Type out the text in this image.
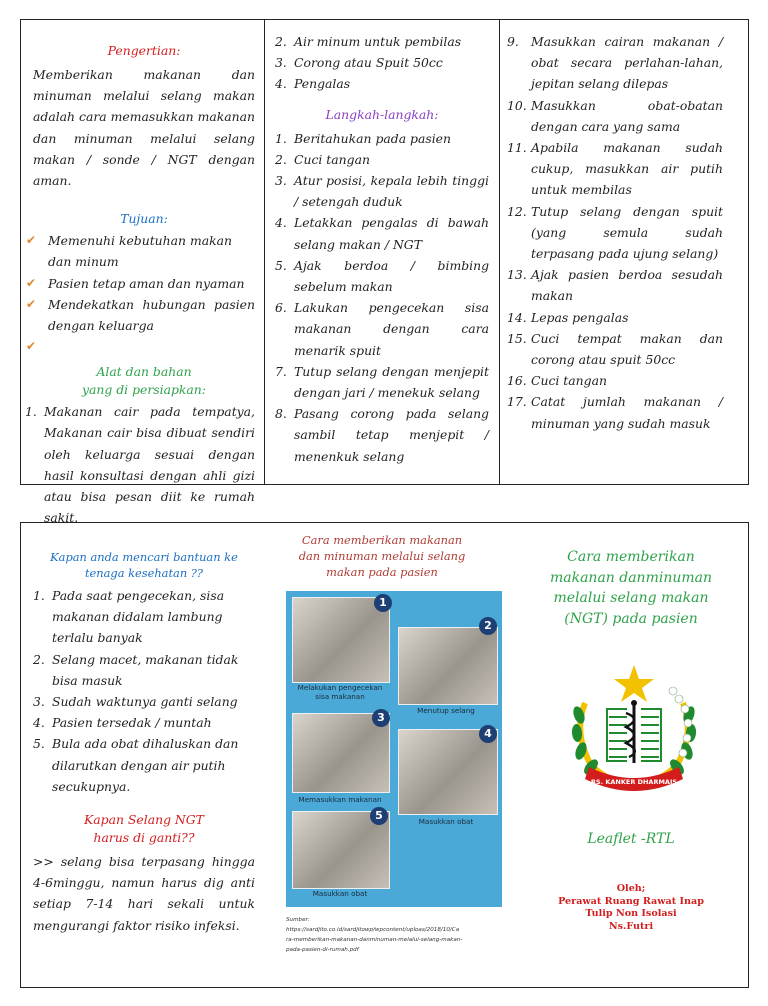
Pengertian:
Memberikan makanan dan minuman melalui selang makan adalah cara memasukkan makanan dan minuman melalui selang makan / sonde / NGT dengan aman.
Tujuan:
✔ Memenuhi kebutuhan makan dan minum
✔ Pasien tetap aman dan nyaman
✔ Mendekatkan hubungan pasien dengan keluarga
✔
Alat dan bahan
yang di persiapkan:
1. Makanan cair pada tempatya, Makanan cair bisa dibuat sendiri oleh keluarga sesuai dengan hasil konsultasi dengan ahli gizi atau bisa pesan diit ke rumah sakit.
2. Air minum untuk pembilas
3. Corong atau Spuit 50cc
4. Pengalas
Langkah-langkah:
1. Beritahukan pada pasien
2. Cuci tangan
3. Atur posisi, kepala lebih tinggi / setengah duduk
4. Letakkan pengalas di bawah selang makan / NGT
5. Ajak berdoa / bimbing sebelum makan
6. Lakukan pengecekan sisa makanan dengan cara menarik spuit
7. Tutup selang dengan menjepit dengan jari / menekuk selang
8. Pasang corong pada selang sambil tetap menjepit / menenkuk selang
9. Masukkan cairan makanan / obat secara perlahan-lahan, jepitan selang dilepas
10. Masukkan obat-obatan dengan cara yang sama
11. Apabila makanan sudah cukup, masukkan air putih untuk membilas
12. Tutup selang dengan spuit (yang semula sudah terpasang pada ujung selang)
13. Ajak pasien berdoa sesudah makan
14. Lepas pengalas
15. Cuci tempat makan dan corong atau spuit 50cc
16. Cuci tangan
17. Catat jumlah makanan / minuman yang sudah masuk
Kapan anda mencari bantuan ke
tenaga kesehatan ??
1. Pada saat pengecekan, sisa makanan didalam lambung terlalu banyak
2. Selang macet, makanan tidak bisa masuk
3. Sudah waktunya ganti selang
4. Pasien tersedak / muntah
5. Bula ada obat dihaluskan dan dilarutkan dengan air putih secukupnya.
Kapan Selang NGT
harus di ganti??
>> selang bisa terpasang hingga 4-6minggu, namun harus dig anti setiap 7-14 hari sekali untuk mengurangi faktor risiko infeksi.
Cara memberikan makanan
dan minuman melalui selang
makan pada pasien
1
Melakukan pengecekan
sisa makanan
2
Menutup selang
3
Memasukkan makanan
4
Masukkan obat
5
Masukkan obat
Sumber:
https://sardjito.co.id/sardjitowp/wpcontent/uploas/2018/10/Ca
ra-memberikan-makanan-danminuman-melalui-selang-makan-
pada-pasien-di-rumah.pdf
Cara memberikan
makanan danminuman
melalui selang makan
(NGT) pada pasien
RS. KANKER DHARMAIS
Leaflet -RTL
Oleh;
Perawat Ruang Rawat Inap
Tulip Non Isolasi
Ns.Futri
